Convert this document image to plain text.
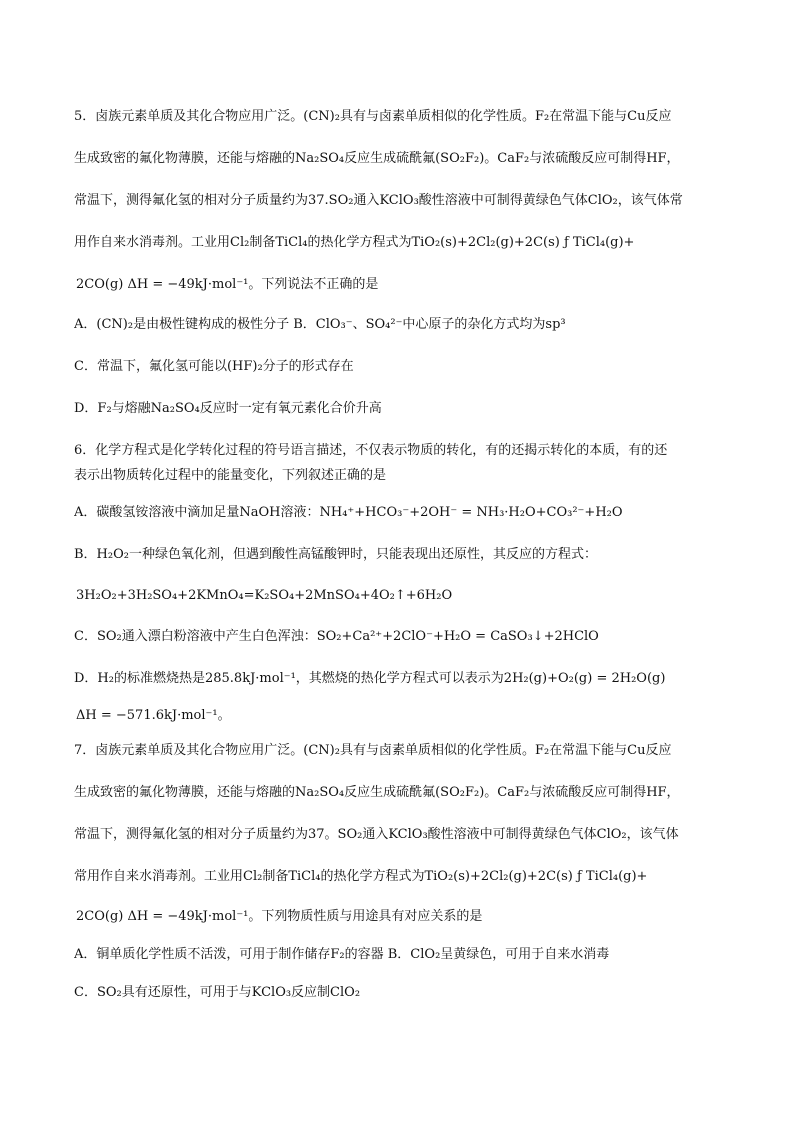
5．卤族元素单质及其化合物应用广泛。(CN)₂具有与卤素单质相似的化学性质。F₂在常温下能与Cu反应
生成致密的氟化物薄膜，还能与熔融的Na₂SO₄反应生成硫酰氟(SO₂F₂)。CaF₂与浓硫酸反应可制得HF，
常温下，测得氟化氢的相对分子质量约为37.SO₂通入KClO₃酸性溶液中可制得黄绿色气体ClO₂，该气体常
用作自来水消毒剂。工业用Cl₂制备TiCl₄的热化学方程式为TiO₂(s)+2Cl₂(g)+2C(s) ƒ TiCl₄(g)+
2CO(g) ΔH = −49kJ·mol⁻¹。下列说法不正确的是
A．(CN)₂是由极性键构成的极性分子 B．ClO₃⁻、SO₄²⁻中心原子的杂化方式均为sp³
C．常温下，氟化氢可能以(HF)₂分子的形式存在
D．F₂与熔融Na₂SO₄反应时一定有氧元素化合价升高
6．化学方程式是化学转化过程的符号语言描述，不仅表示物质的转化，有的还揭示转化的本质，有的还
表示出物质转化过程中的能量变化，下列叙述正确的是
A．碳酸氢铵溶液中滴加足量NaOH溶液：NH₄⁺+HCO₃⁻+2OH⁻ = NH₃·H₂O+CO₃²⁻+H₂O
B．H₂O₂一种绿色氧化剂，但遇到酸性高锰酸钾时，只能表现出还原性，其反应的方程式：
3H₂O₂+3H₂SO₄+2KMnO₄=K₂SO₄+2MnSO₄+4O₂↑+6H₂O
C．SO₂通入漂白粉溶液中产生白色浑浊：SO₂+Ca²⁺+2ClO⁻+H₂O = CaSO₃↓+2HClO
D．H₂的标准燃烧热是285.8kJ·mol⁻¹，其燃烧的热化学方程式可以表示为2H₂(g)+O₂(g) = 2H₂O(g)
ΔH = −571.6kJ·mol⁻¹。
7．卤族元素单质及其化合物应用广泛。(CN)₂具有与卤素单质相似的化学性质。F₂在常温下能与Cu反应
生成致密的氟化物薄膜，还能与熔融的Na₂SO₄反应生成硫酰氟(SO₂F₂)。CaF₂与浓硫酸反应可制得HF，
常温下，测得氟化氢的相对分子质量约为37。SO₂通入KClO₃酸性溶液中可制得黄绿色气体ClO₂，该气体
常用作自来水消毒剂。工业用Cl₂制备TiCl₄的热化学方程式为TiO₂(s)+2Cl₂(g)+2C(s) ƒ TiCl₄(g)+
2CO(g) ΔH = −49kJ·mol⁻¹。下列物质性质与用途具有对应关系的是
A．铜单质化学性质不活泼，可用于制作储存F₂的容器 B．ClO₂呈黄绿色，可用于自来水消毒
C．SO₂具有还原性，可用于与KClO₃反应制ClO₂
